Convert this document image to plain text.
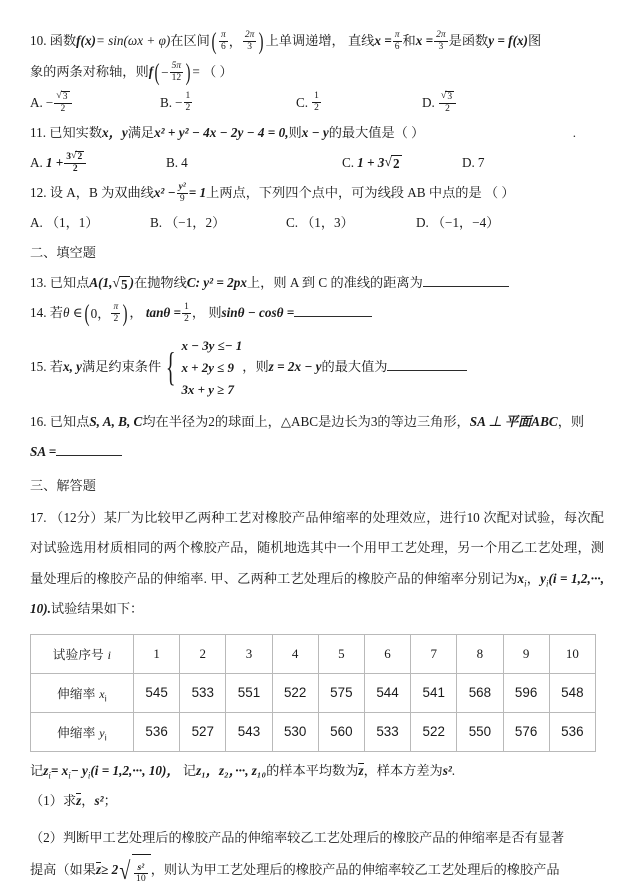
10. 函数f(x)= sin(ωx + φ)在区间 ( $\frac{\pi}{6}$ ， $\frac{2\pi}{3}$ ) 上单调递增， 直线$x = \frac{\pi}{6}$ 和$x = \frac{2\pi}{3}$ 是函数y = f(x)图
象的两条对称轴，则f ( − $\frac{5\pi}{12}$ ) = （ ）
A. − $\frac{√ 3}{2}$	B. − $\frac{1}{2}$	C. $\frac{1}{2}$	D. $\frac{√ 3}{2}$
11. 已知实数x，y满足x² + y² − 4x − 2y − 4 = 0,则x − y的最大值是（ ）	.
A. $1 + \frac{3 √ 2}{2}$	B. 4	C. 1 + 3 √ 2	D. 7
12. 设 A，B 为双曲线$x^2 - \frac{\text{y²}}{9} = 1$上两点，下列四个点中，可为线段 AB 中点的是 （ ）
A. （1，1）	B. （−1，2）	C. （1，3）	D. （−1，−4）
二、填空题
13. 已知点A(1, √ 5 )在抛物线C: y² = 2px上，则 A 到 C 的准线的距离为
14. 若θ ∈ ( 0， $\frac{\pi}{2}$ ) ， $\tan\theta = \frac{1}{2}$ ， 则sinθ − cosθ =
15. 若x, y满足约束条件 { x − 3y ≤− 1
x + 2y ≤ 9
3x + y ≥ 7
，则z = 2x − y的最大值为
16. 已知点S, A, B, C均在半径为2的球面上，△ABC是边长为3的等边三角形，SA ⊥ 平面ABC，则
SA =
三、解答题
17. （12分）某厂为比较甲乙两种工艺对橡胶产品伸缩率的处理效应，进行10 次配对试验，每次配对试验选用材质相同的两个橡胶产品，随机地选其中一个用甲工艺处理，另一个用乙工艺处理，测量处理后的橡胶产品的伸缩率. 甲、乙两种工艺处理后的橡胶产品的伸缩率分别记为$x_i$，$y_i(i = 1,2,\cdot\cdot\cdot$, 10).试验结果如下：
试验序号 i	1	2	3	4	5	6	7	8	9	10
伸缩率 $x_i$	545	533	551	522	575	544	541	568	596	548
伸缩率 $y_i$	536	527	543	530	560	533	522	550	576	536
记$z_i= x_i- y_i(i = 1,2,\cdot\cdot\cdot$, 10)， 记z₁，z₂，···, z₁₀的样本平均数为z，样本方差为s².
（1）求z，s²；
（2）判断甲工艺处理后的橡胶产品的伸缩率较乙工艺处理后的橡胶产品的伸缩率是否有显著
提高（如果z≥ 2 √ $\frac{\text{s²}}{10}$ ，则认为甲工艺处理后的橡胶产品的伸缩率较乙工艺处理后的橡胶产品
